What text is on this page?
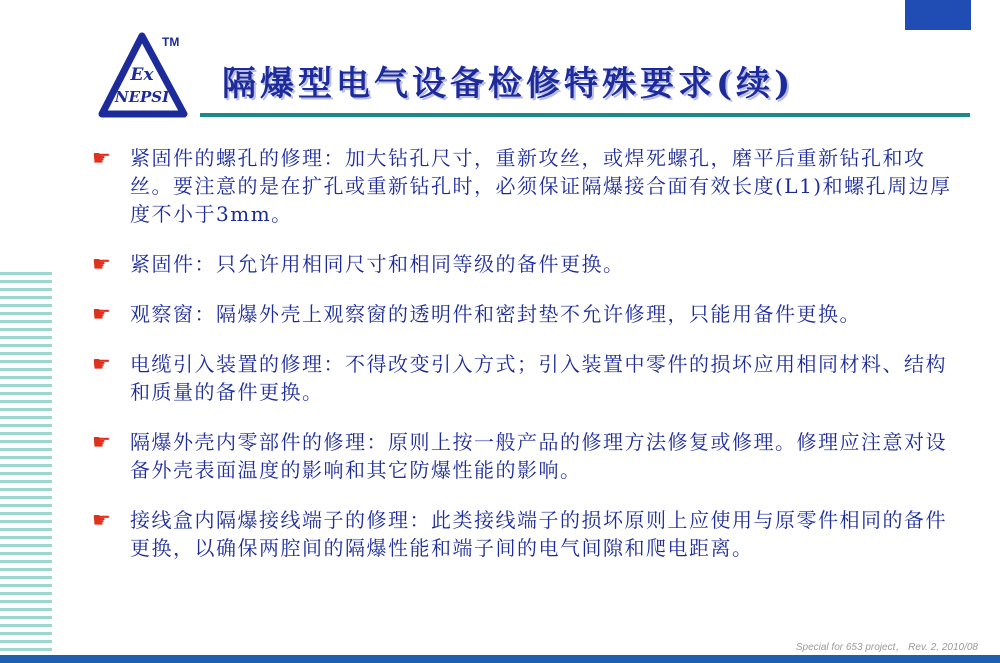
Ex
NEPSI
TM
隔爆型电气设备检修特殊要求(续)
☛ 紧固件的螺孔的修理：加大钻孔尺寸，重新攻丝，或焊死螺孔，磨平后重新钻孔和攻丝。要注意的是在扩孔或重新钻孔时，必须保证隔爆接合面有效长度(L1)和螺孔周边厚度不小于3mm。
☛ 紧固件：只允许用相同尺寸和相同等级的备件更换。
☛ 观察窗：隔爆外壳上观察窗的透明件和密封垫不允许修理，只能用备件更换。
☛ 电缆引入装置的修理：不得改变引入方式；引入装置中零件的损坏应用相同材料、结构和质量的备件更换。
☛ 隔爆外壳内零部件的修理：原则上按一般产品的修理方法修复或修理。修理应注意对设备外壳表面温度的影响和其它防爆性能的影响。
☛ 接线盒内隔爆接线端子的修理：此类接线端子的损坏原则上应使用与原零件相同的备件更换，以确保两腔间的隔爆性能和端子间的电气间隙和爬电距离。
Special for 653 project， Rev. 2, 2010/08
